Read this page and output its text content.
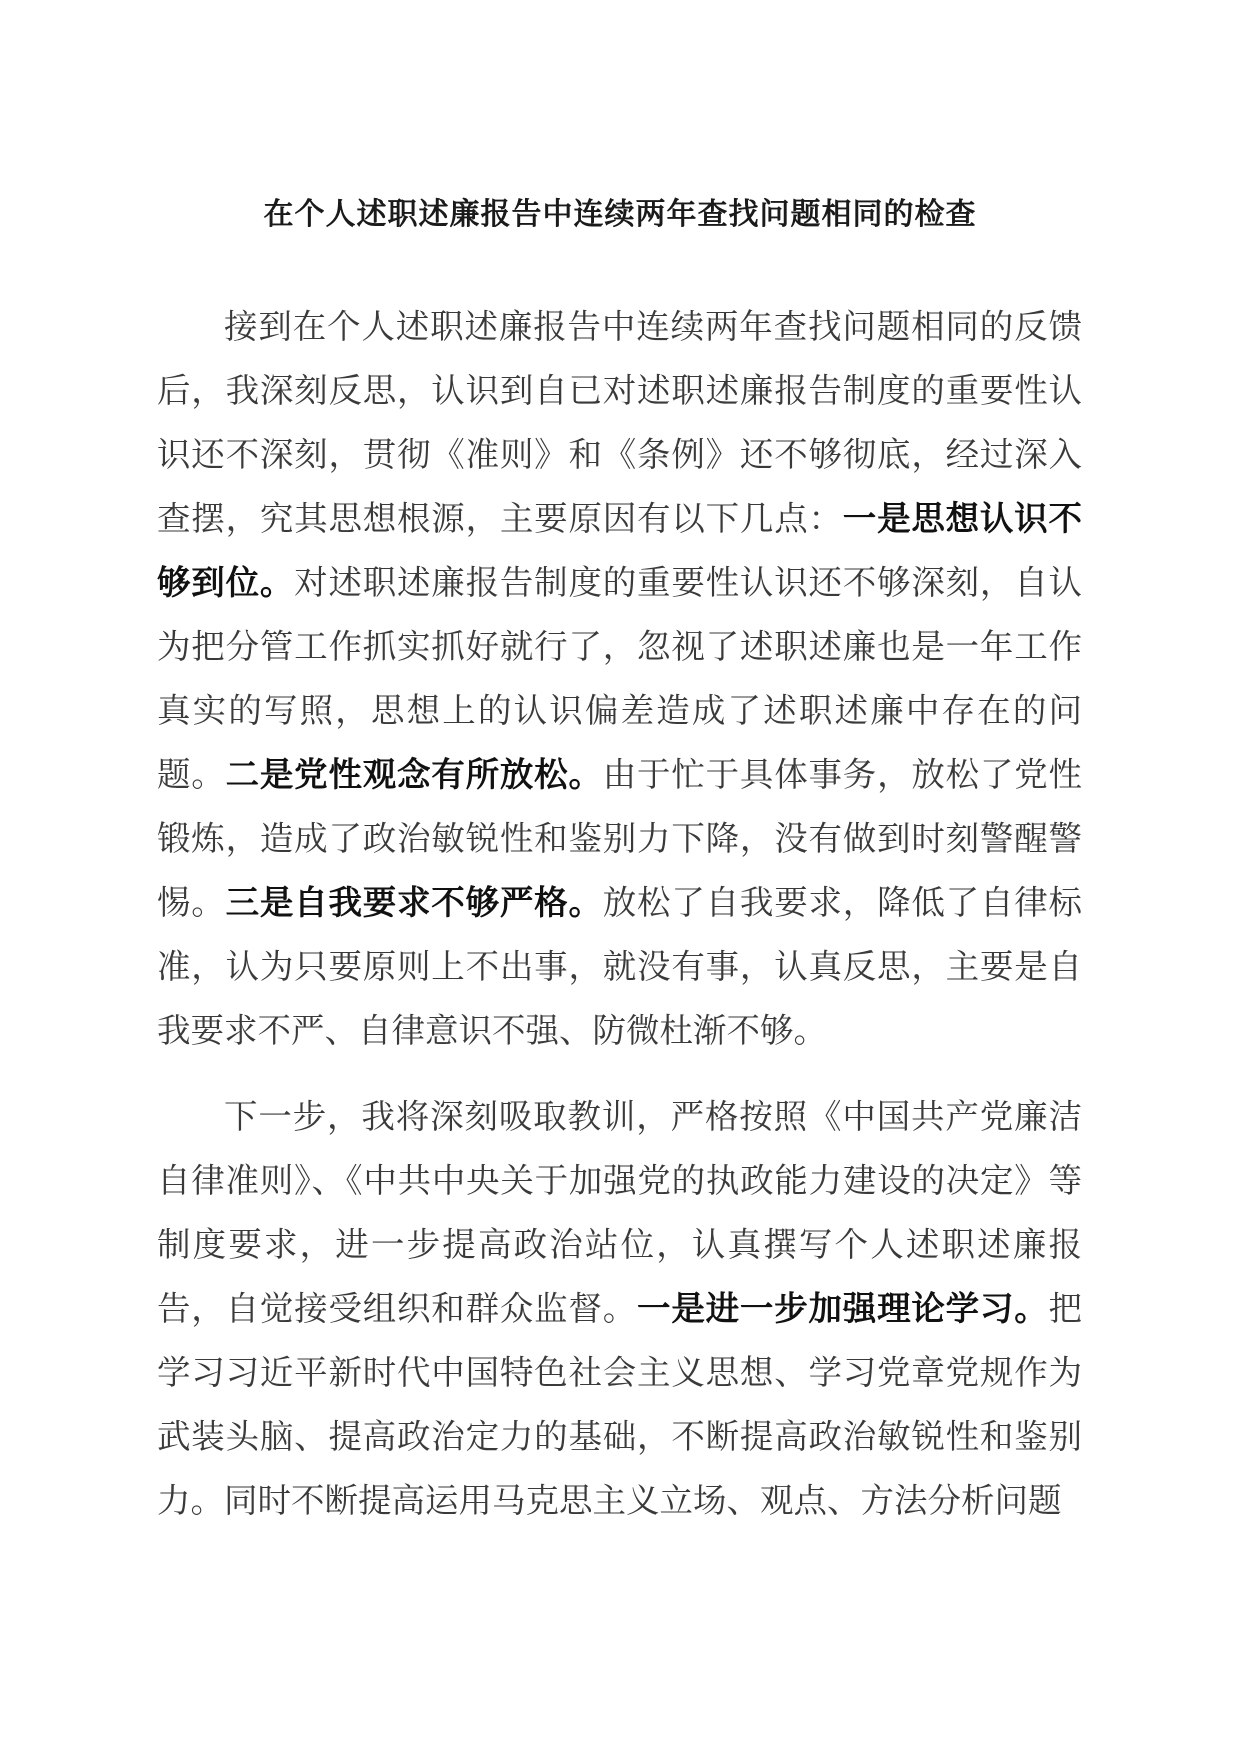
在个人述职述廉报告中连续两年查找问题相同的检查
接到在个人述职述廉报告中连续两年查找问题相同的反馈后，我深刻反思，认识到自已对述职述廉报告制度的重要性认识还不深刻，贯彻《准则》和《条例》还不够彻底，经过深入查摆，究其思想根源，主要原因有以下几点：一是思想认识不够到位。对述职述廉报告制度的重要性认识还不够深刻，自认为把分管工作抓实抓好就行了，忽视了述职述廉也是一年工作真实的写照，思想上的认识偏差造成了述职述廉中存在的问题。二是党性观念有所放松。由于忙于具体事务，放松了党性锻炼，造成了政治敏锐性和鉴别力下降，没有做到时刻警醒警惕。三是自我要求不够严格。放松了自我要求，降低了自律标准，认为只要原则上不出事，就没有事，认真反思，主要是自我要求不严、自律意识不强、防微杜渐不够。
下一步，我将深刻吸取教训，严格按照《中国共产党廉洁自律准则》、《中共中央关于加强党的执政能力建设的决定》等制度要求，进一步提高政治站位，认真撰写个人述职述廉报告，自觉接受组织和群众监督。一是进一步加强理论学习。把学习习近平新时代中国特色社会主义思想、学习党章党规作为武装头脑、提高政治定力的基础，不断提高政治敏锐性和鉴别力。同时不断提高运用马克思主义立场、观点、方法分析问题
